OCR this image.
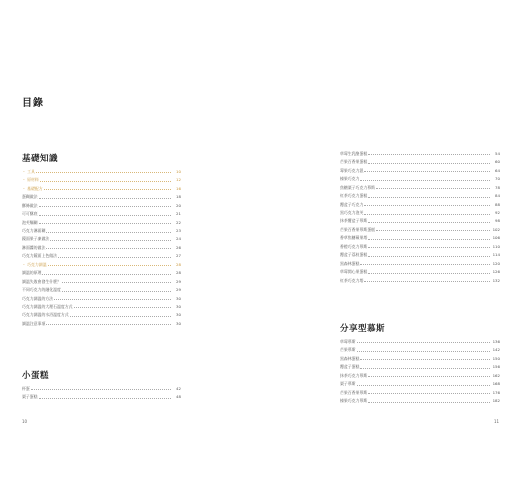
目錄
基礎知識
・ 工具	10
・ 原材料	12
・ 基礎配方	16
蛋糊做法	18
酥條做法	20
可可酥底	21
泡芙麵糊	22
巧克力淋面糊	23
鏡面果子凍做法	24
淋面醬的做法	26
巧克力鏡面上色做法	27
・ 巧克力調溫	28
調溫的原理	28
調溫失敗會發生什麼？	29
不同巧克力的融化溫度	29
巧克力調溫的方法	30
巧克力調溫的大理石溫度方式	30
巧克力調溫的水浴溫度方式	30
調溫注意事項	30
小蛋糕
杯蛋	42
栗子蛋糕	48
10
草莓生乳酪蛋糕	54
芒果百香果蛋糕	60
莓果巧克力派	64
榛果巧克力	70
焦糖栗子巧克力慕斯	78
紅茶巧克力蛋糕	84
覆盆子巧克力	88
黑巧克力泡芙	92
抹茶覆盆子慕斯	98
芒果百香果慕斯蛋糕	102
香草焦糖蘋果塔	106
香橙巧克力慕斯	110
覆盆子荔枝蛋糕	114
黑森林蛋糕	120
草莓開心果蛋糕	126
紅茶巧克力塔	132
分享型慕斯
草莓慕斯	136
芒果慕斯	142
黑森林蛋糕	150
覆盆子蛋糕	156
抹茶巧克力慕斯	162
栗子慕斯	168
芒果百香果慕斯	176
榛果巧克力慕斯	182
11
